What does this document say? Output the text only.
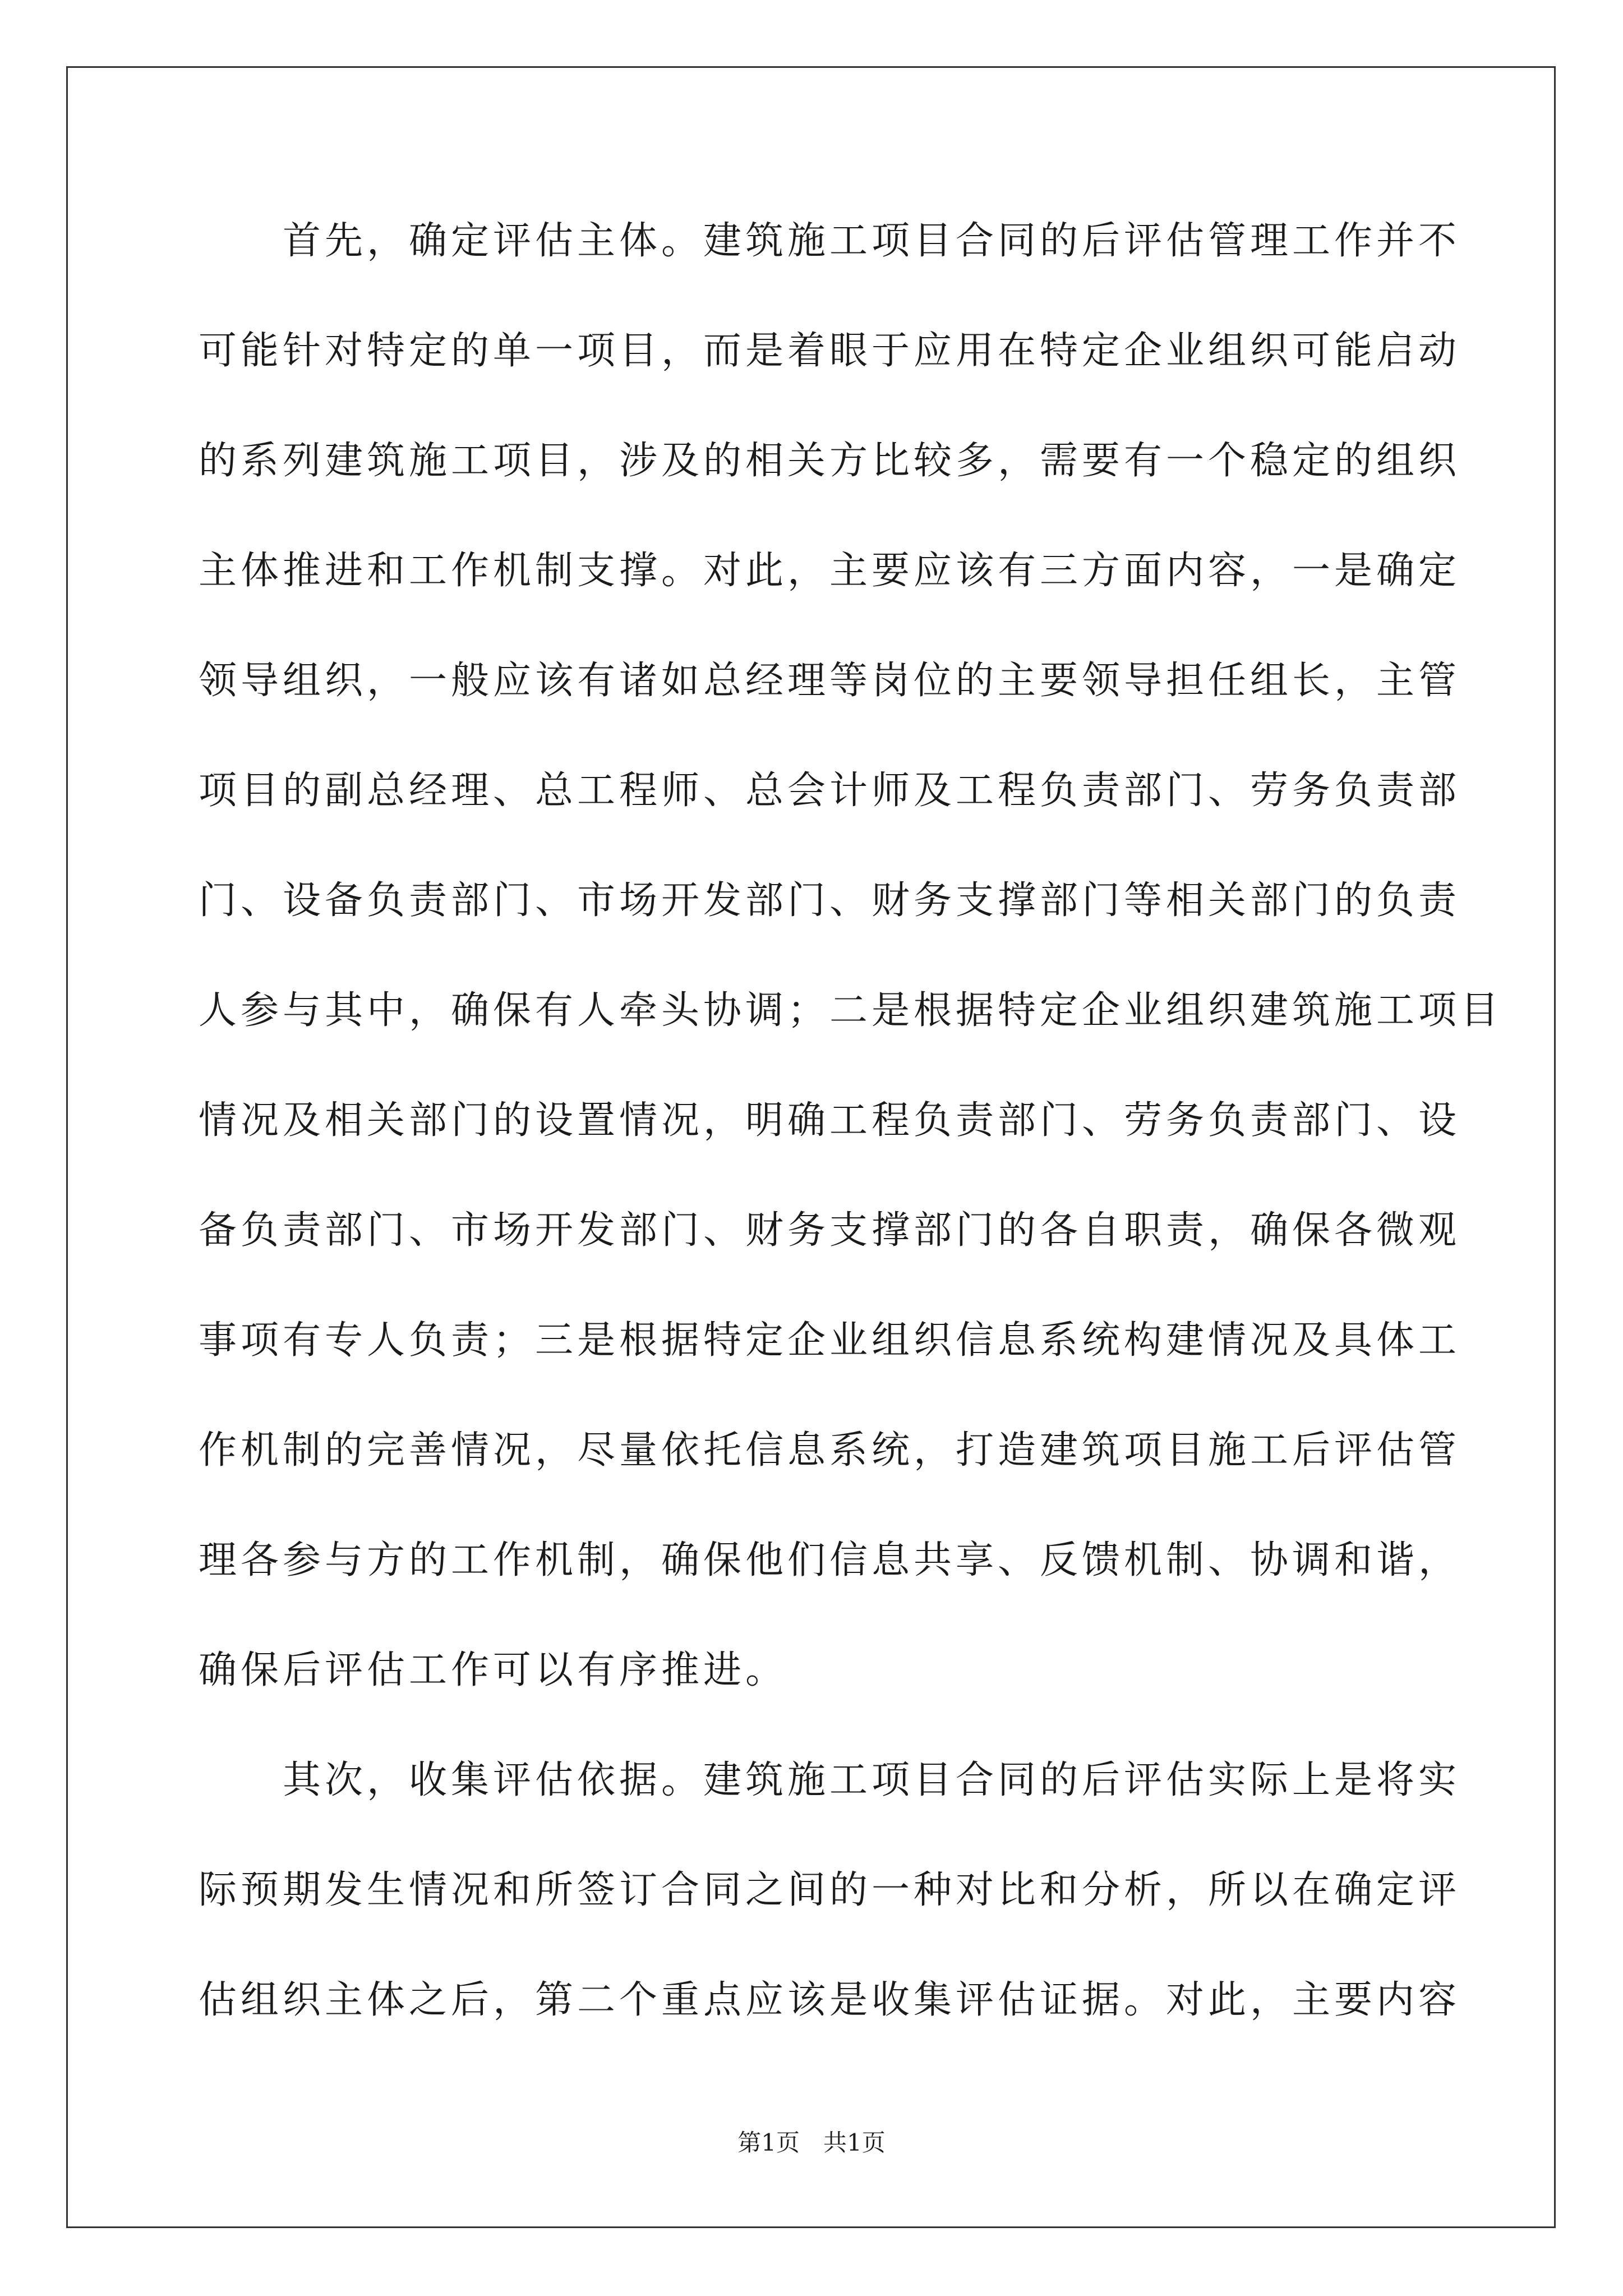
首先，确定评估主体。建筑施工项目合同的后评估管理工作并不
可能针对特定的单一项目，而是着眼于应用在特定企业组织可能启动
的系列建筑施工项目，涉及的相关方比较多，需要有一个稳定的组织
主体推进和工作机制支撑。对此，主要应该有三方面内容，一是确定
领导组织，一般应该有诸如总经理等岗位的主要领导担任组长，主管
项目的副总经理、总工程师、总会计师及工程负责部门、劳务负责部
门、设备负责部门、市场开发部门、财务支撑部门等相关部门的负责
人参与其中，确保有人牵头协调；二是根据特定企业组织建筑施工项目
情况及相关部门的设置情况，明确工程负责部门、劳务负责部门、设
备负责部门、市场开发部门、财务支撑部门的各自职责，确保各微观
事项有专人负责；三是根据特定企业组织信息系统构建情况及具体工
作机制的完善情况，尽量依托信息系统，打造建筑项目施工后评估管
理各参与方的工作机制，确保他们信息共享、反馈机制、协调和谐，
确保后评估工作可以有序推进。
其次，收集评估依据。建筑施工项目合同的后评估实际上是将实
际预期发生情况和所签订合同之间的一种对比和分析，所以在确定评
估组织主体之后，第二个重点应该是收集评估证据。对此，主要内容
第1页　共1页
